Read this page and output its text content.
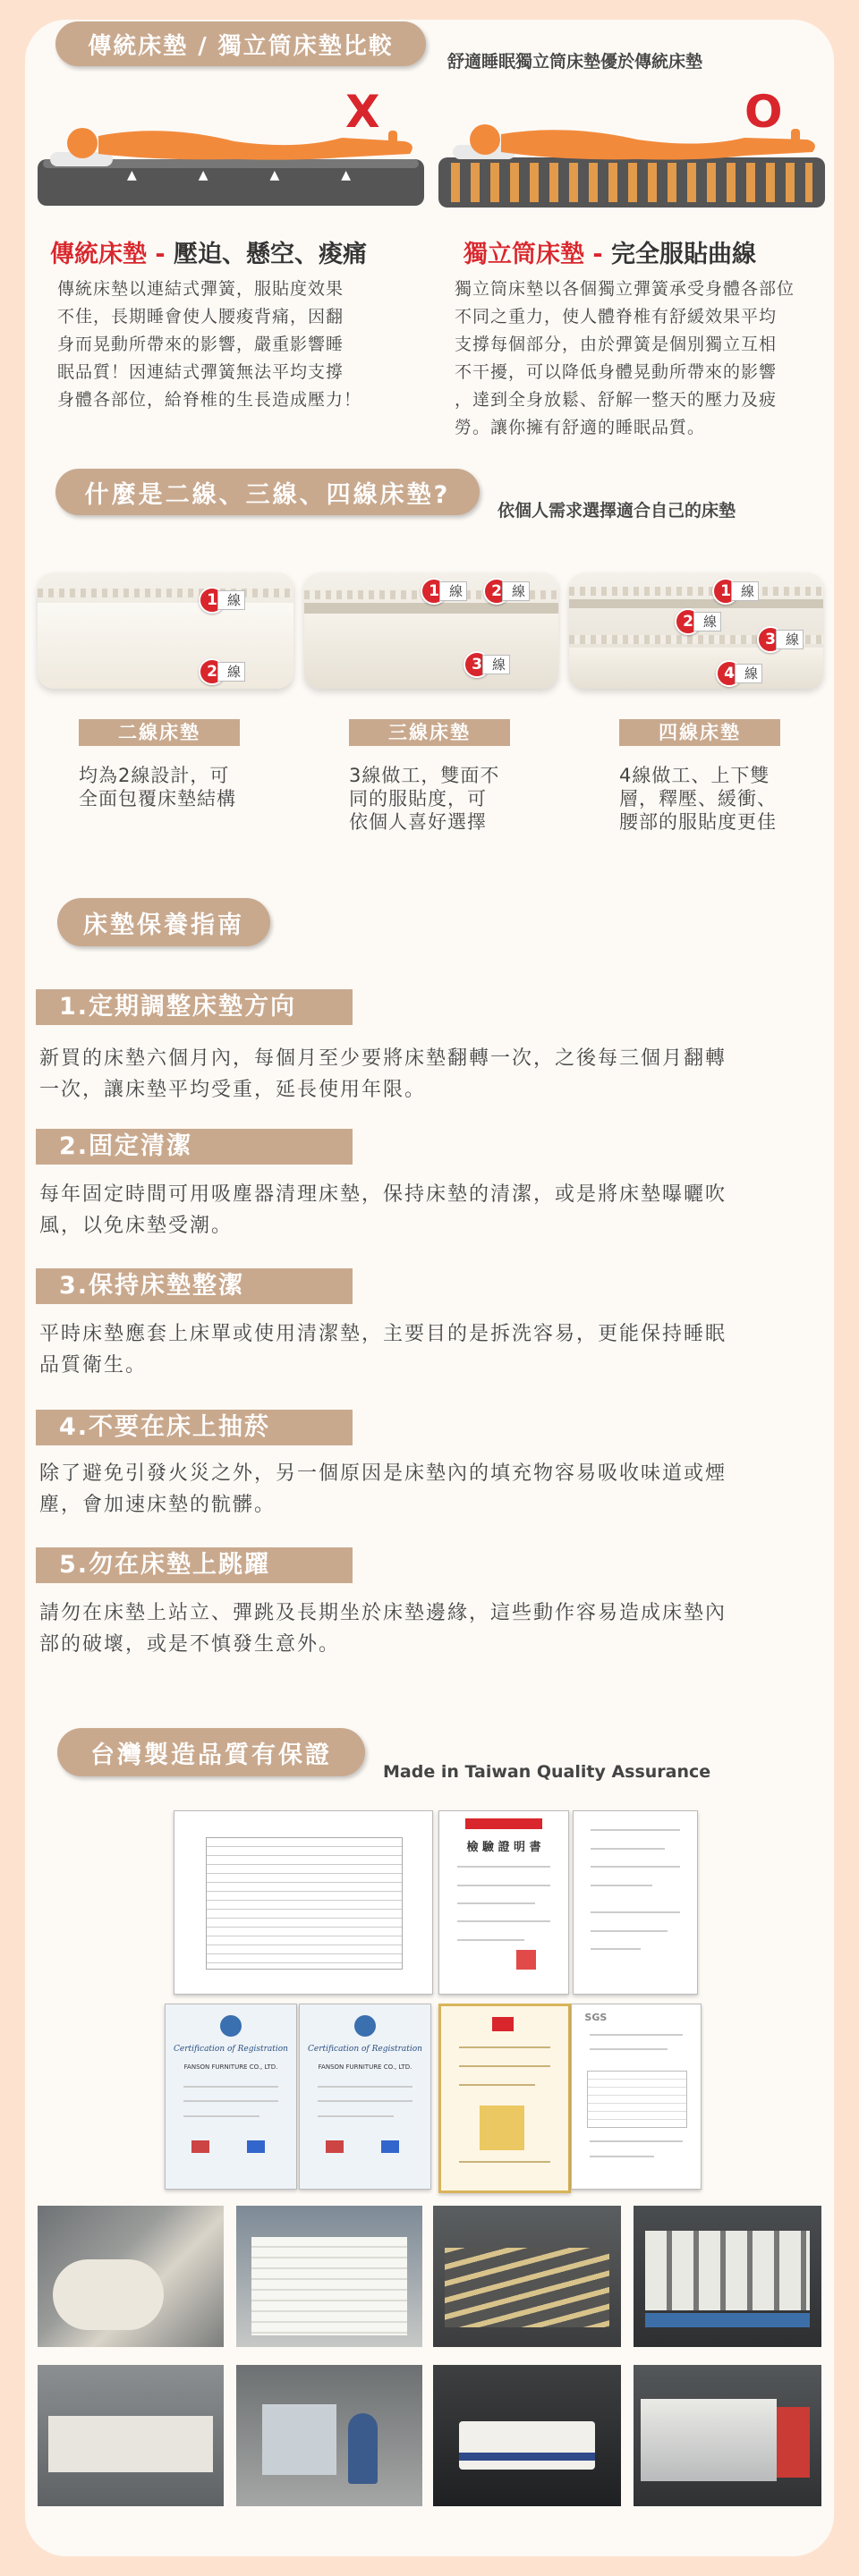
傳統床墊 / 獨立筒床墊比較
舒適睡眠獨立筒床墊優於傳統床墊
▲	▲	▲	▲
X	O
傳統床墊 - 壓迫、懸空、痠痛
傳統床墊以連結式彈簧，服貼度效果
不佳，長期睡會使人腰痠背痛，因翻
身而晃動所帶來的影響，嚴重影響睡
眠品質！因連結式彈簧無法平均支撐
身體各部位，給脊椎的生長造成壓力！
獨立筒床墊 - 完全服貼曲線
獨立筒床墊以各個獨立彈簧承受身體各部位
不同之重力，使人體脊椎有舒緩效果平均
支撐每個部分，由於彈簧是個別獨立互相
不干擾，可以降低身體晃動所帶來的影響
，達到全身放鬆、舒解一整天的壓力及疲
勞。讓你擁有舒適的睡眠品質。
什麼是二線、三線、四線床墊?
依個人需求選擇適合自己的床墊
1 線
2 線
1 線	2 線
3 線
1 線
2 線
3 線
4 線
二線床墊	三線床墊	四線床墊
均為2線設計，可
全面包覆床墊結構
3線做工，雙面不
同的服貼度，可
依個人喜好選擇
4線做工、上下雙
層，釋壓、緩衝、
腰部的服貼度更佳
床墊保養指南
1.定期調整床墊方向
新買的床墊六個月內，每個月至少要將床墊翻轉一次，之後每三個月翻轉
一次，讓床墊平均受重，延長使用年限。
2.固定清潔
每年固定時間可用吸塵器清理床墊，保持床墊的清潔，或是將床墊曝曬吹
風，以免床墊受潮。
3.保持床墊整潔
平時床墊應套上床單或使用清潔墊，主要目的是拆洗容易，更能保持睡眠
品質衛生。
4.不要在床上抽菸
除了避免引發火災之外，另一個原因是床墊內的填充物容易吸收味道或煙
塵，會加速床墊的骯髒。
5.勿在床墊上跳躍
請勿在床墊上站立、彈跳及長期坐於床墊邊緣，這些動作容易造成床墊內
部的破壞，或是不慎發生意外。
台灣製造品質有保證
Made in Taiwan Quality Assurance
檢 驗 證 明 書
Certification of Registration
FANSON FURNITURE CO., LTD.
Certification of Registration
FANSON FURNITURE CO., LTD.
SGS
